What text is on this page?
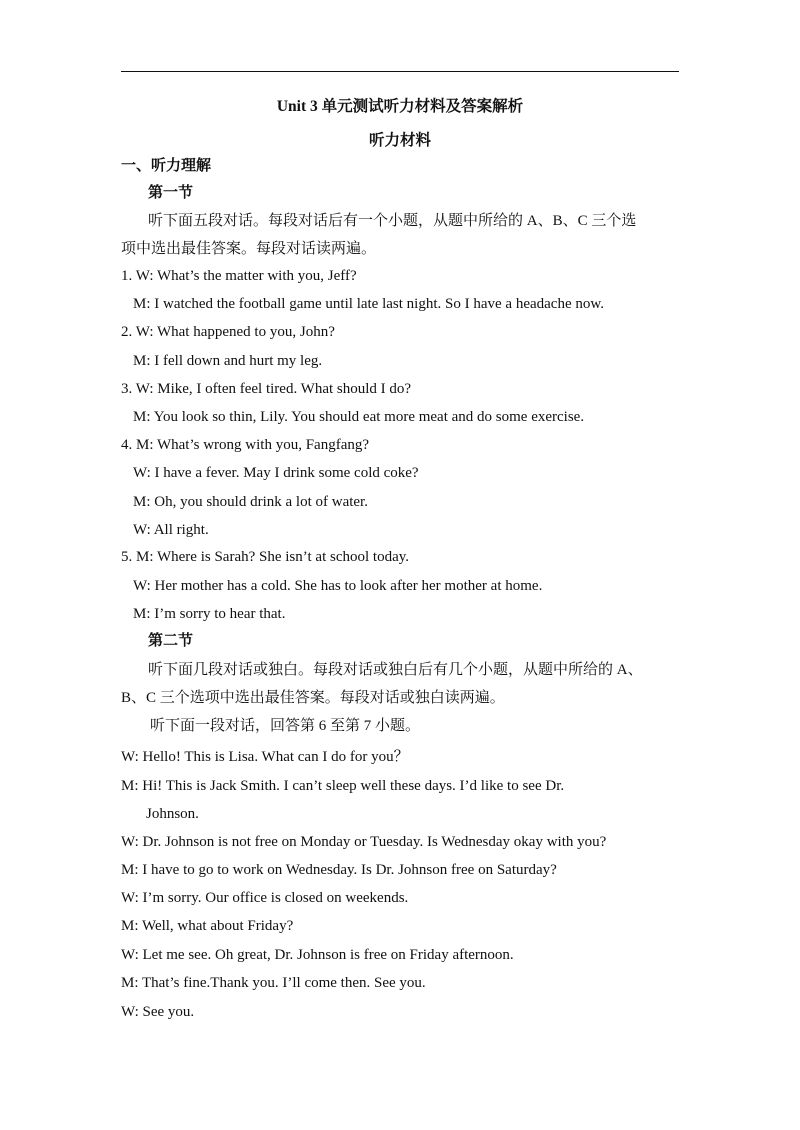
Unit 3 单元测试听力材料及答案解析
听力材料
一、听力理解
第一节
听下面五段对话。每段对话后有一个小题，从题中所给的 A、B、C 三个选
项中选出最佳答案。每段对话读两遍。
1. W: What’s the matter with you, Jeff?
M: I watched the football game until late last night. So I have a headache now.
2. W: What happened to you, John?
M: I fell down and hurt my leg.
3. W: Mike, I often feel tired. What should I do?
M: You look so thin, Lily. You should eat more meat and do some exercise.
4. M: What’s wrong with you, Fangfang?
W: I have a fever. May I drink some cold coke?
M: Oh, you should drink a lot of water.
W: All right.
5. M: Where is Sarah? She isn’t at school today.
W: Her mother has a cold. She has to look after her mother at home.
M: I’m sorry to hear that.
第二节
听下面几段对话或独白。每段对话或独白后有几个小题，从题中所给的 A、
B、C 三个选项中选出最佳答案。每段对话或独白读两遍。
听下面一段对话，回答第 6 至第 7 小题。
W: Hello! This is Lisa. What can I do for you？
M: Hi! This is Jack Smith. I can’t sleep well these days. I’d like to see Dr.
Johnson.
W: Dr. Johnson is not free on Monday or Tuesday. Is Wednesday okay with you?
M: I have to go to work on Wednesday. Is Dr. Johnson free on Saturday?
W: I’m sorry. Our office is closed on weekends.
M: Well, what about Friday?
W: Let me see. Oh great, Dr. Johnson is free on Friday afternoon.
M: That’s fine.Thank you. I’ll come then. See you.
W: See you.
